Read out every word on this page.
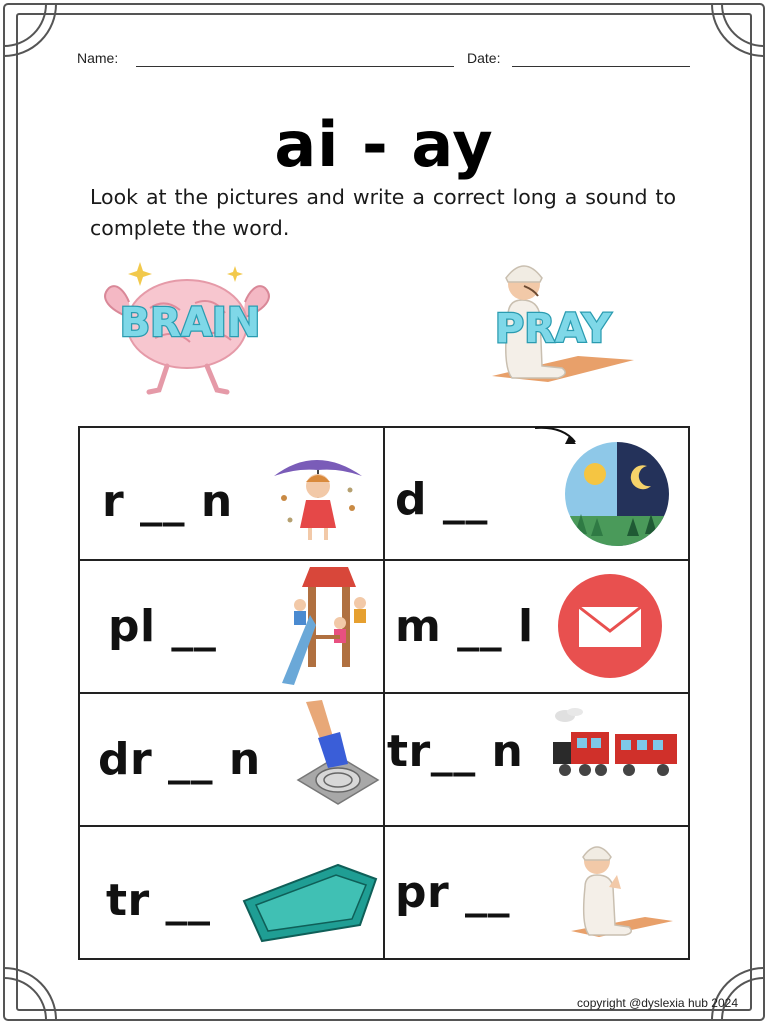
Name:	Date:
ai - ay
Look at the pictures and write a correct long a sound to complete the word.
BRAIN	PRAY
r __ n	d __

pl __	m __ l

dr __ n	tr__ n

tr __	pr __
copyright @dyslexia hub 2024
